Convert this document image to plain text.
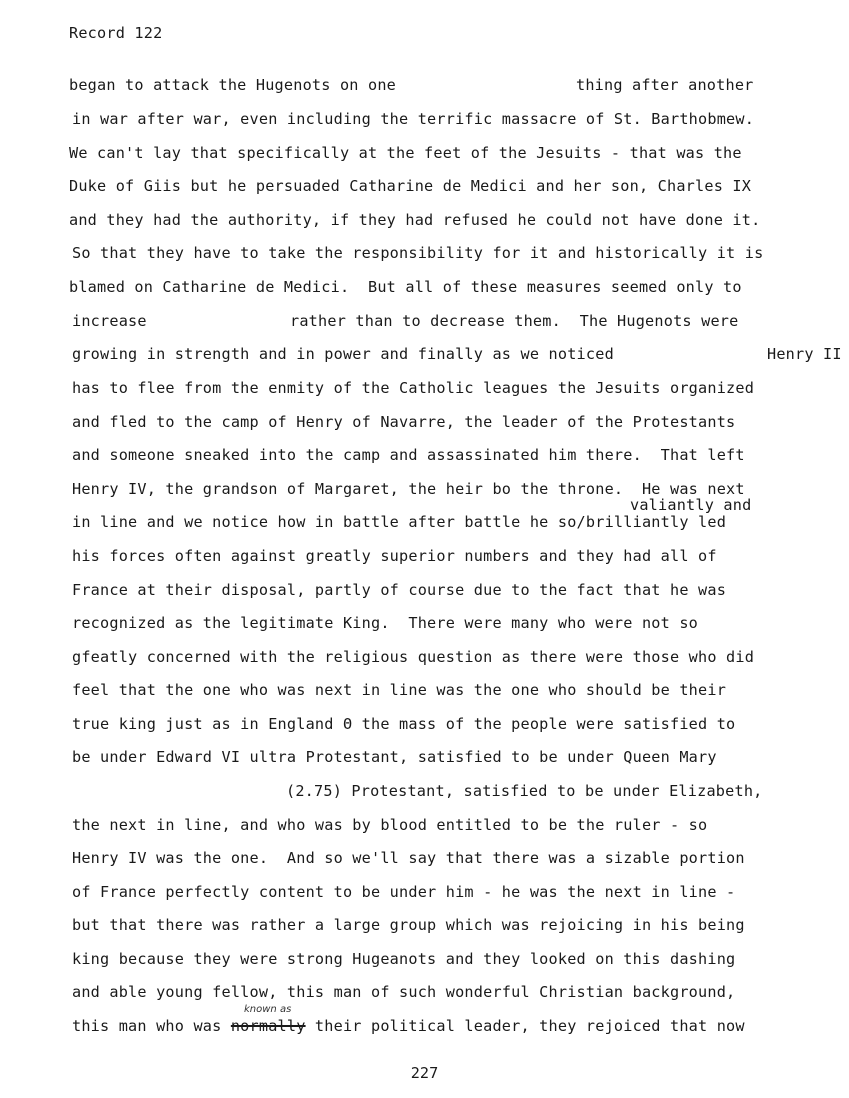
Record 122
began to attack the Hugenots on one	thing after another
in war after war, even including the terrific massacre of St. Barthobmew.
We can't lay that specifically at the feet of the Jesuits - that was the
Duke of Giis but he persuaded Catharine de Medici and her son, Charles IX
and they had the authority, if they had refused he could not have done it.
So that they have to take the responsibility for it and historically it is
blamed on Catharine de Medici.  But all of these measures seemed only to
increase	rather than to decrease them.  The Hugenots were
growing in strength and in power and finally as we noticed	Henry II
has to flee from the enmity of the Catholic leagues the Jesuits organized
and fled to the camp of Henry of Navarre, the leader of the Protestants
and someone sneaked into the camp and assassinated him there.  That left
Henry IV, the grandson of Margaret, the heir bo the throne.  He was next
valiantly and
in line and we notice how in battle after battle he so/brilliantly led
his forces often against greatly superior numbers and they had all of
France at their disposal, partly of course due to the fact that he was
recognized as the legitimate King.  There were many who were not so
gfeatly concerned with the religious question as there were those who did
feel that the one who was next in line was the one who should be their
true king just as in England Θ the mass of the people were satisfied to
be under Edward VI ultra Protestant, satisfied to be under Queen Mary
(2.75) Protestant, satisfied to be under Elizabeth,
the next in line, and who was by blood entitled to be the ruler - so
Henry IV was the one.  And so we'll say that there was a sizable portion
of France perfectly content to be under him - he was the next in line -
but that there was rather a large group which was rejoicing in his being
king because they were strong Hugeanots and they looked on this dashing
and able young fellow, this man of such wonderful Christian background,
known as
this man who was normally their political leader, they rejoiced that now
227
